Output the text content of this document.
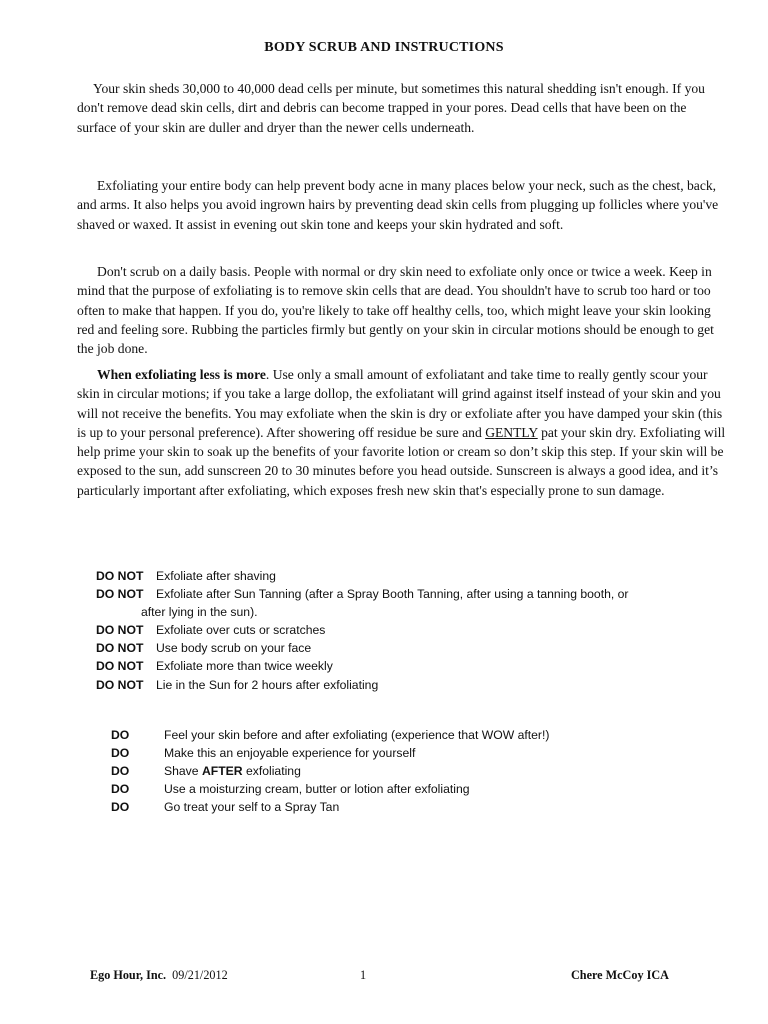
BODY SCRUB AND INSTRUCTIONS

Your skin sheds 30,000 to 40,000 dead cells per minute, but sometimes this natural shedding isn't enough. If you don't remove dead skin cells, dirt and debris can become trapped in your pores. Dead cells that have been on the surface of your skin are duller and dryer than the newer cells underneath.

Exfoliating your entire body can help prevent body acne in many places below your neck, such as the chest, back, and arms. It also helps you avoid ingrown hairs by preventing dead skin cells from plugging up follicles where you've shaved or waxed. It assist in evening out skin tone and keeps your skin hydrated and soft.

Don't scrub on a daily basis. People with normal or dry skin need to exfoliate only once or twice a week. Keep in mind that the purpose of exfoliating is to remove skin cells that are dead. You shouldn't have to scrub too hard or too often to make that happen. If you do, you're likely to take off healthy cells, too, which might leave your skin looking red and feeling sore. Rubbing the particles firmly but gently on your skin in circular motions should be enough to get the job done.

When exfoliating less is more. Use only a small amount of exfoliatant and take time to really gently scour your skin in circular motions; if you take a large dollop, the exfoliatant will grind against itself instead of your skin and you will not receive the benefits. You may exfoliate when the skin is dry or exfoliate after you have damped your skin (this is up to your personal preference). After showering off residue be sure and GENTLY pat your skin dry. Exfoliating will help prime your skin to soak up the benefits of your favorite lotion or cream so don’t skip this step. If your skin will be exposed to the sun, add sunscreen 20 to 30 minutes before you head outside. Sunscreen is always a good idea, and it’s particularly important after exfoliating, which exposes fresh new skin that's especially prone to sun damage.

DO NOT	Exfoliate after shaving
DO NOT	Exfoliate after Sun Tanning (after a Spray Booth Tanning, after using a tanning booth, or
after lying in the sun).
DO NOT	Exfoliate over cuts or scratches
DO NOT	Use body scrub on your face
DO NOT	Exfoliate more than twice weekly
DO NOT	Lie in the Sun for 2 hours after exfoliating
DO	Feel your skin before and after exfoliating (experience that WOW after!)
DO	Make this an enjoyable experience for yourself
DO	Shave AFTER exfoliating
DO	Use a moisturzing cream, butter or lotion after exfoliating
DO	Go treat your self to a Spray Tan
Ego Hour, Inc. 09/21/2012	1	Chere McCoy ICA
